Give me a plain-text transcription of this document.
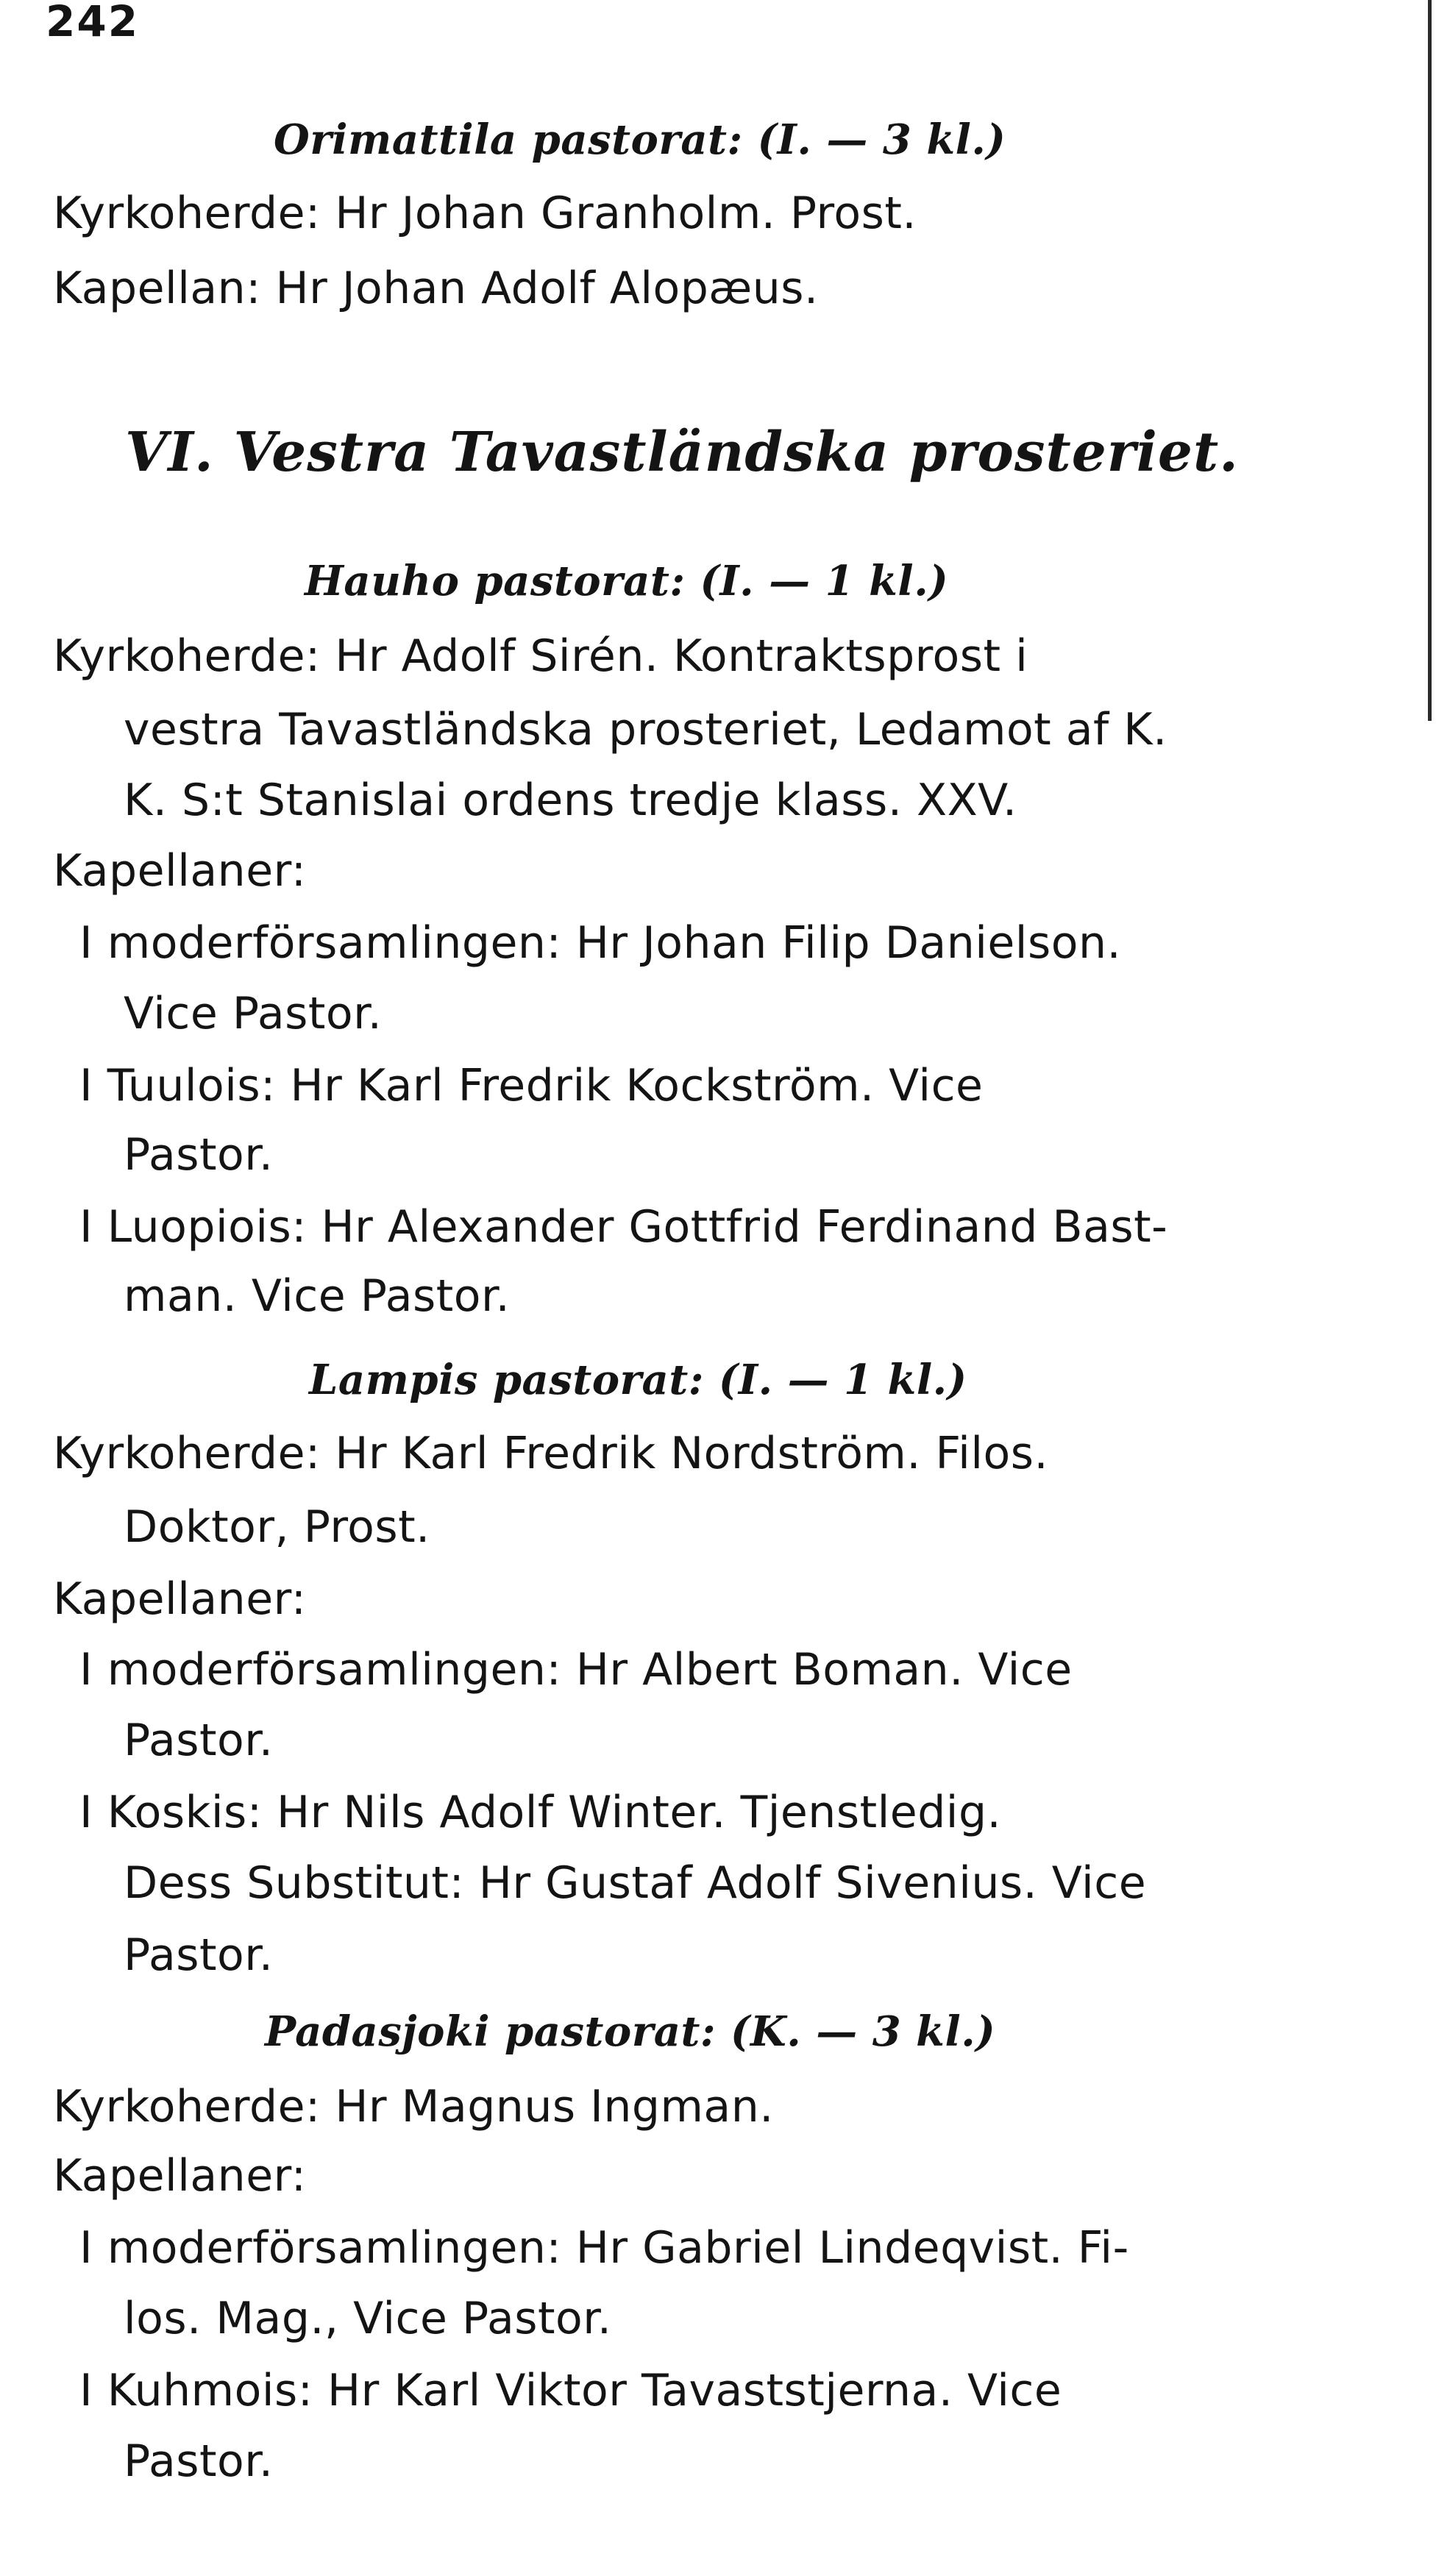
242
Orimattila pastorat: (I. — 3 kl.)
Kyrkoherde: Hr Johan Granholm. Prost.
Kapellan: Hr Johan Adolf Alopæus.
VI. Vestra Tavastländska prosteriet.
Hauho pastorat: (I. — 1 kl.)
Kyrkoherde: Hr Adolf Sirén. Kontraktsprost i
vestra Tavastländska prosteriet, Ledamot af K.
K. S:t Stanislai ordens tredje klass. XXV.
Kapellaner:
I moderförsamlingen: Hr Johan Filip Danielson.
Vice Pastor.
I Tuulois: Hr Karl Fredrik Kockström. Vice
Pastor.
I Luopiois: Hr Alexander Gottfrid Ferdinand Bast-
man. Vice Pastor.
Lampis pastorat: (I. — 1 kl.)
Kyrkoherde: Hr Karl Fredrik Nordström. Filos.
Doktor, Prost.
Kapellaner:
I moderförsamlingen: Hr Albert Boman. Vice
Pastor.
I Koskis: Hr Nils Adolf Winter. Tjenstledig.
Dess Substitut: Hr Gustaf Adolf Sivenius. Vice
Pastor.
Padasjoki pastorat: (K. — 3 kl.)
Kyrkoherde: Hr Magnus Ingman.
Kapellaner:
I moderförsamlingen: Hr Gabriel Lindeqvist. Fi-
los. Mag., Vice Pastor.
I Kuhmois: Hr Karl Viktor Tavaststjerna. Vice
Pastor.
